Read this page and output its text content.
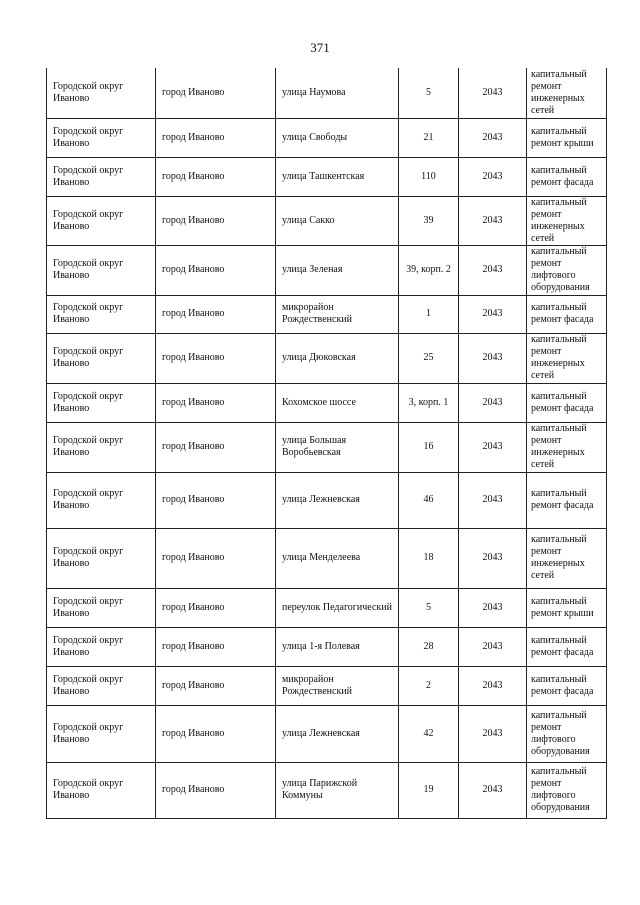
371
Городской округ Иваново	город Иваново	улица Наумова	5	2043	капитальный ремонт инженерных сетей
Городской округ Иваново	город Иваново	улица Свободы	21	2043	капитальный ремонт крыши
Городской округ Иваново	город Иваново	улица Ташкентская	110	2043	капитальный ремонт фасада
Городской округ Иваново	город Иваново	улица Сакко	39	2043	капитальный ремонт инженерных сетей
Городской округ Иваново	город Иваново	улица Зеленая	39, корп. 2	2043	капитальный ремонт лифтового оборудования
Городской округ Иваново	город Иваново	микрорайон Рождественский	1	2043	капитальный ремонт фасада
Городской округ Иваново	город Иваново	улица Дюковская	25	2043	капитальный ремонт инженерных сетей
Городской округ Иваново	город Иваново	Кохомское шоссе	3, корп. 1	2043	капитальный ремонт фасада
Городской округ Иваново	город Иваново	улица Большая Воробьевская	16	2043	капитальный ремонт инженерных сетей
Городской округ Иваново	город Иваново	улица Лежневская	46	2043	капитальный ремонт фасада
Городской округ Иваново	город Иваново	улица Менделеева	18	2043	капитальный ремонт инженерных сетей
Городской округ Иваново	город Иваново	переулок Педагогический	5	2043	капитальный ремонт крыши
Городской округ Иваново	город Иваново	улица 1-я Полевая	28	2043	капитальный ремонт фасада
Городской округ Иваново	город Иваново	микрорайон Рождественский	2	2043	капитальный ремонт фасада
Городской округ Иваново	город Иваново	улица Лежневская	42	2043	капитальный ремонт лифтового оборудования
Городской округ Иваново	город Иваново	улица Парижской Коммуны	19	2043	капитальный ремонт лифтового оборудования
